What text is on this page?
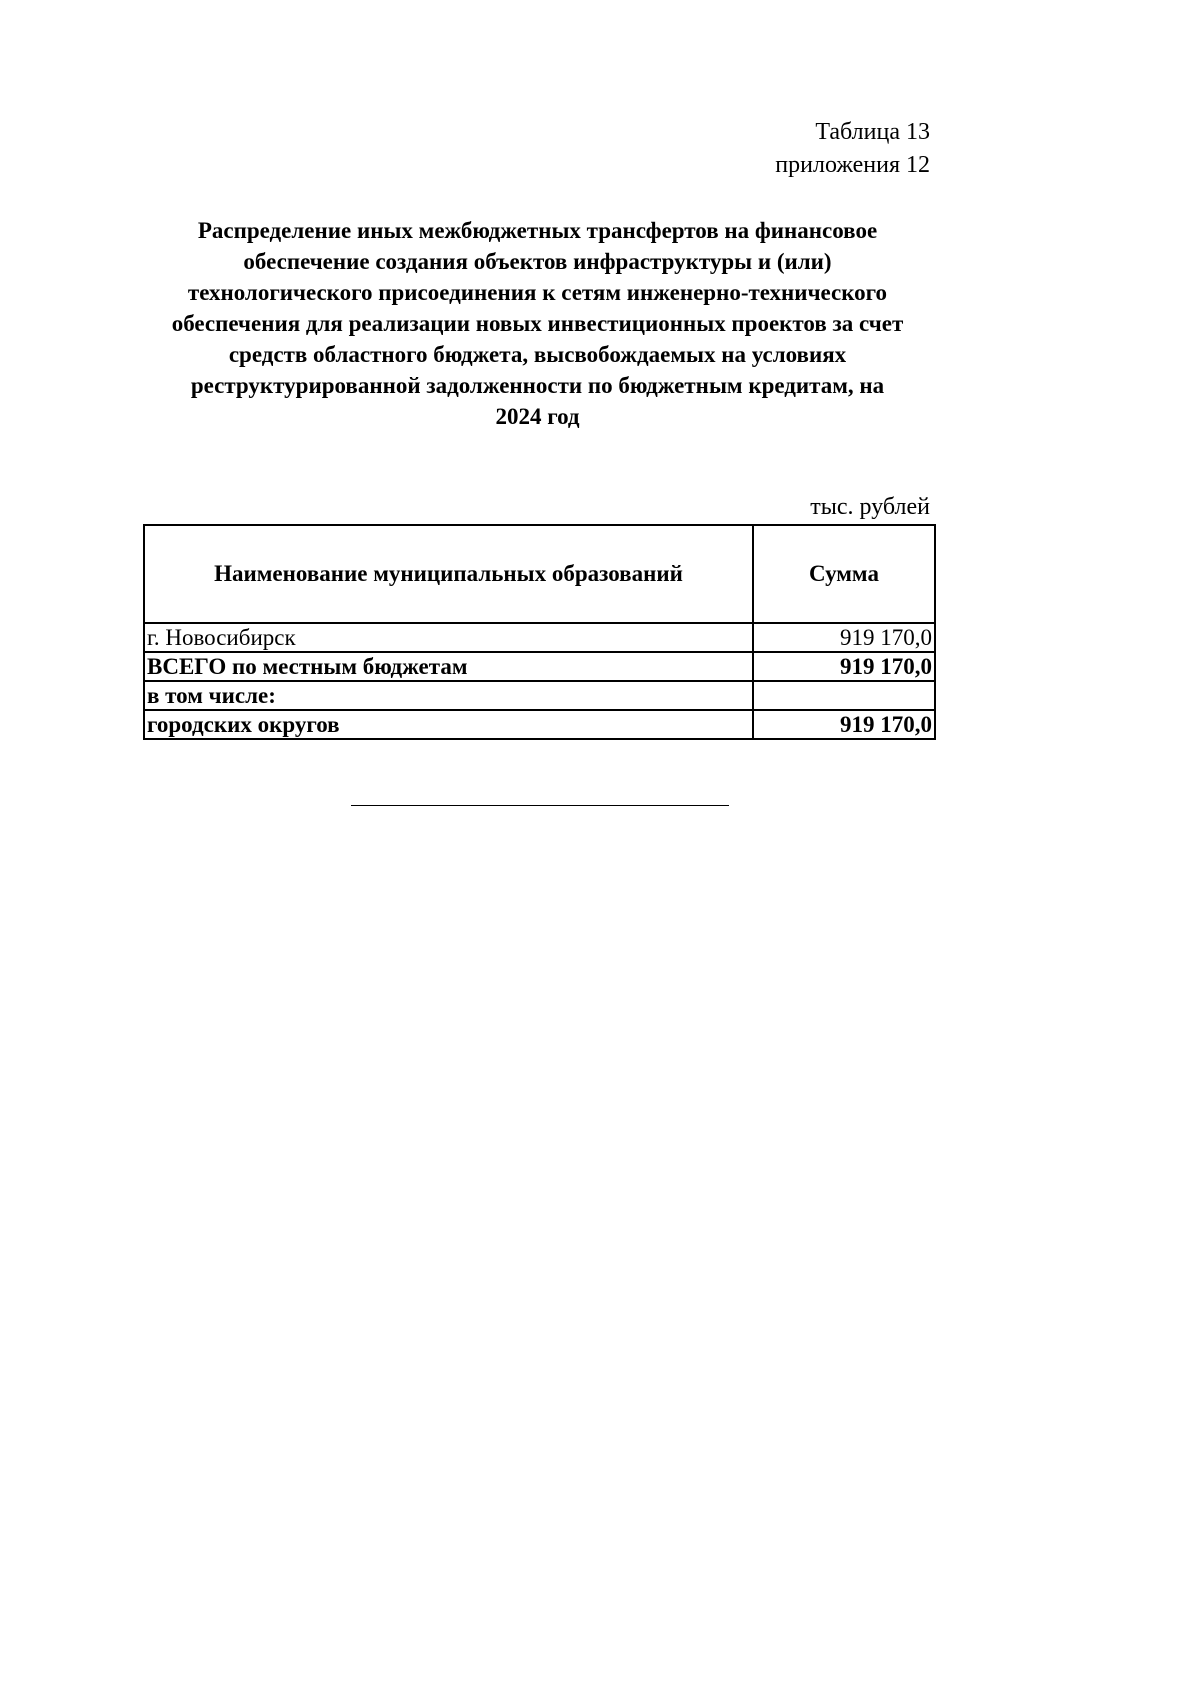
Таблица 13
приложения 12
Распределение иных межбюджетных трансфертов на финансовое
обеспечение создания объектов инфраструктуры и (или)
технологического присоединения к сетям инженерно-технического
обеспечения для реализации новых инвестиционных проектов за счет
средств областного бюджета, высвобождаемых на условиях
реструктурированной задолженности по бюджетным кредитам, на
2024 год
тыс. рублей
Наименование муниципальных образований	Сумма
г. Новосибирск	919 170,0
ВСЕГО по местным бюджетам	919 170,0
в том числе:	
городских округов	919 170,0
